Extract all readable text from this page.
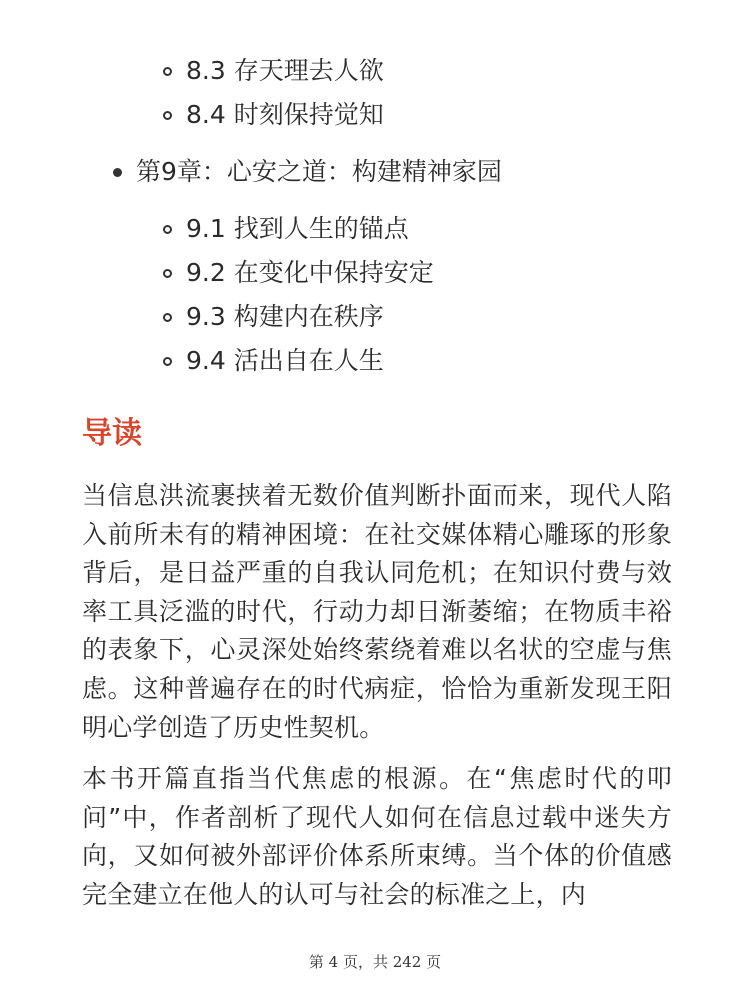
8.3 存天理去人欲
8.4 时刻保持觉知
第9章：心安之道：构建精神家园
9.1 找到人生的锚点
9.2 在变化中保持安定
9.3 构建内在秩序
9.4 活出自在人生
导读

当信息洪流裹挟着无数价值判断扑面而来，现代人陷入前所未有的精神困境：在社交媒体精心雕琢的形象背后，是日益严重的自我认同危机；在知识付费与效率工具泛滥的时代，行动力却日渐萎缩；在物质丰裕的表象下，心灵深处始终萦绕着难以名状的空虚与焦虑。这种普遍存在的时代病症，恰恰为重新发现王阳明心学创造了历史性契机。

本书开篇直指当代焦虑的根源。在“焦虑时代的叩问”中，作者剖析了现代人如何在信息过载中迷失方向，又如何被外部评价体系所束缚。当个体的价值感完全建立在他人的认可与社会的标准之上，内

第 4 页，共 242 页
